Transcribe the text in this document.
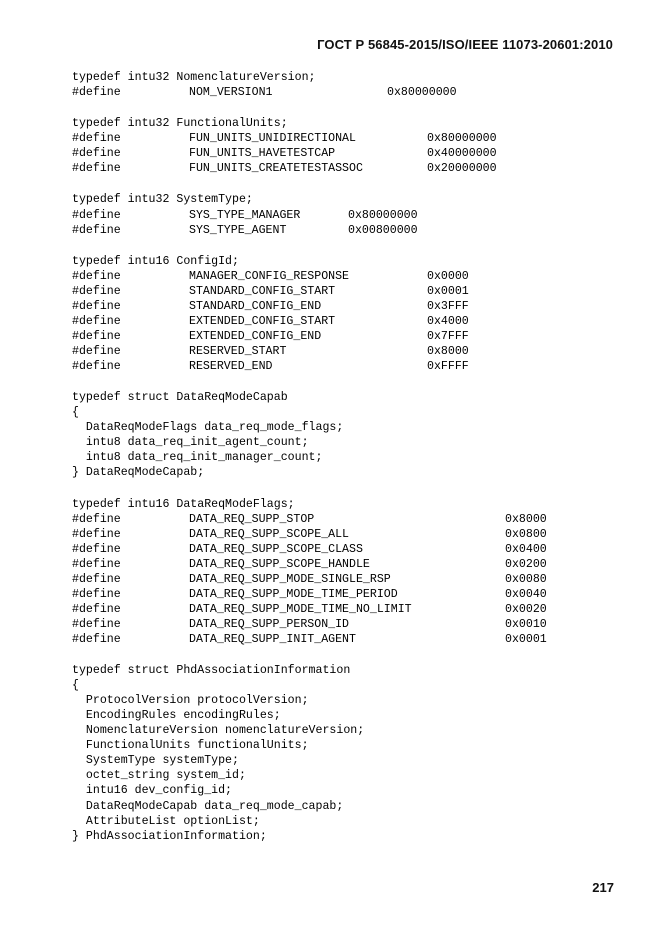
ГОСТ Р 56845-2015/ISO/IEEE 11073-20601:2010
typedef intu32 NomenclatureVersion;
#define	NOM_VERSION1	0x80000000
typedef intu32 FunctionalUnits;
#define	FUN_UNITS_UNIDIRECTIONAL	0x80000000
#define	FUN_UNITS_HAVETESTCAP	0x40000000
#define	FUN_UNITS_CREATETESTASSOC	0x20000000
typedef intu32 SystemType;
#define	SYS_TYPE_MANAGER	0x80000000
#define	SYS_TYPE_AGENT	0x00800000
typedef intu16 ConfigId;
#define	MANAGER_CONFIG_RESPONSE	0x0000
#define	STANDARD_CONFIG_START	0x0001
#define	STANDARD_CONFIG_END	0x3FFF
#define	EXTENDED_CONFIG_START	0x4000
#define	EXTENDED_CONFIG_END	0x7FFF
#define	RESERVED_START	0x8000
#define	RESERVED_END	0xFFFF
typedef struct DataReqModeCapab
{
DataReqModeFlags data_req_mode_flags;
intu8 data_req_init_agent_count;
intu8 data_req_init_manager_count;
} DataReqModeCapab;
typedef intu16 DataReqModeFlags;
#define	DATA_REQ_SUPP_STOP	0x8000
#define	DATA_REQ_SUPP_SCOPE_ALL	0x0800
#define	DATA_REQ_SUPP_SCOPE_CLASS	0x0400
#define	DATA_REQ_SUPP_SCOPE_HANDLE	0x0200
#define	DATA_REQ_SUPP_MODE_SINGLE_RSP	0x0080
#define	DATA_REQ_SUPP_MODE_TIME_PERIOD	0x0040
#define	DATA_REQ_SUPP_MODE_TIME_NO_LIMIT	0x0020
#define	DATA_REQ_SUPP_PERSON_ID	0x0010
#define	DATA_REQ_SUPP_INIT_AGENT	0x0001
typedef struct PhdAssociationInformation
{
ProtocolVersion protocolVersion;
EncodingRules encodingRules;
NomenclatureVersion nomenclatureVersion;
FunctionalUnits functionalUnits;
SystemType systemType;
octet_string system_id;
intu16 dev_config_id;
DataReqModeCapab data_req_mode_capab;
AttributeList optionList;
} PhdAssociationInformation;
217
